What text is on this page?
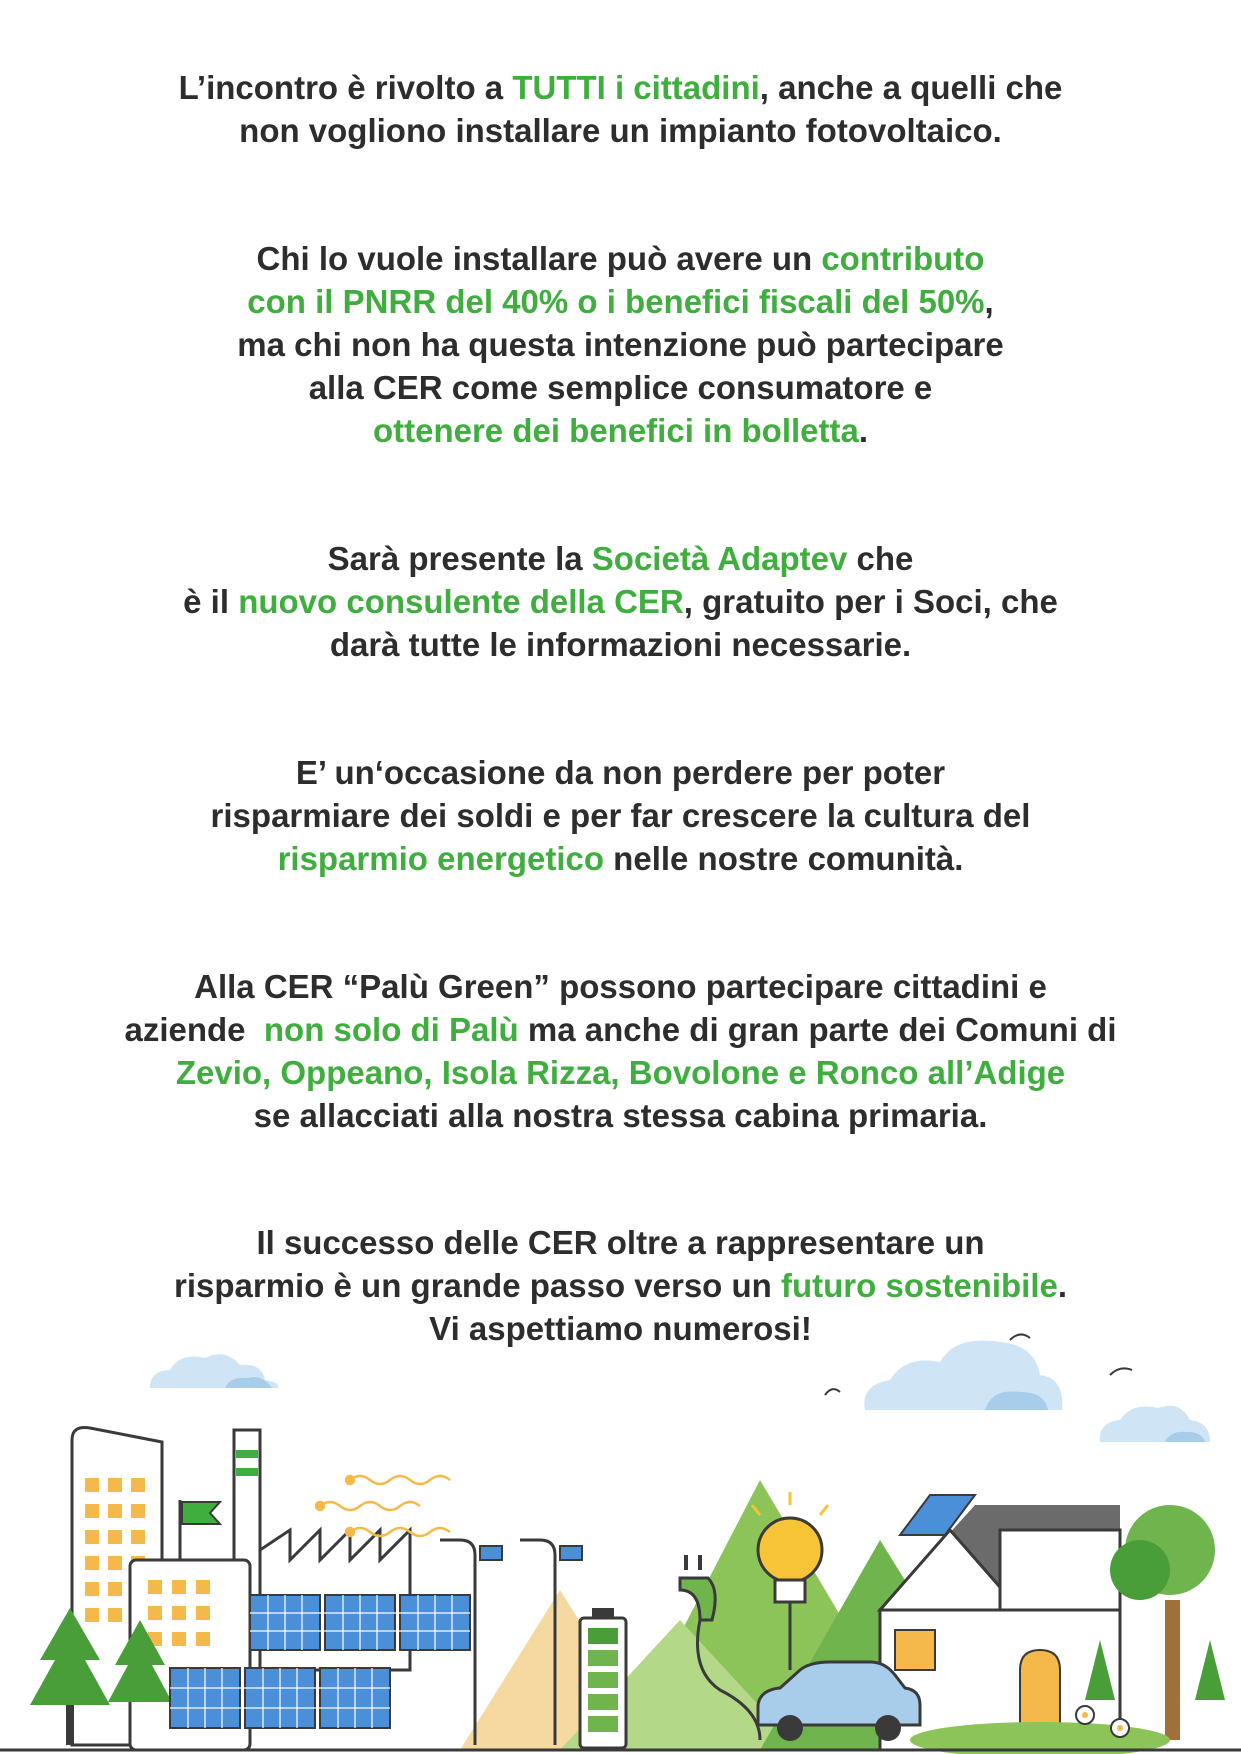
L’incontro è rivolto a TUTTI i cittadini, anche a quelli che
non vogliono installare un impianto fotovoltaico.
Chi lo vuole installare può avere un contributo
con il PNRR del 40% o i benefici fiscali del 50%,
ma chi non ha questa intenzione può partecipare
alla CER come semplice consumatore e
ottenere dei benefici in bolletta.
Sarà presente la Società Adaptev che
è il nuovo consulente della CER, gratuito per i Soci, che
darà tutte le informazioni necessarie.
E’ un‘occasione da non perdere per poter
risparmiare dei soldi e per far crescere la cultura del
risparmio energetico nelle nostre comunità.
Alla CER “Palù Green” possono partecipare cittadini e
aziende  non solo di Palù ma anche di gran parte dei Comuni di
Zevio, Oppeano, Isola Rizza, Bovolone e Ronco all’Adige
se allacciati alla nostra stessa cabina primaria.
Il successo delle CER oltre a rappresentare un
risparmio è un grande passo verso un futuro sostenibile.
Vi aspettiamo numerosi!
